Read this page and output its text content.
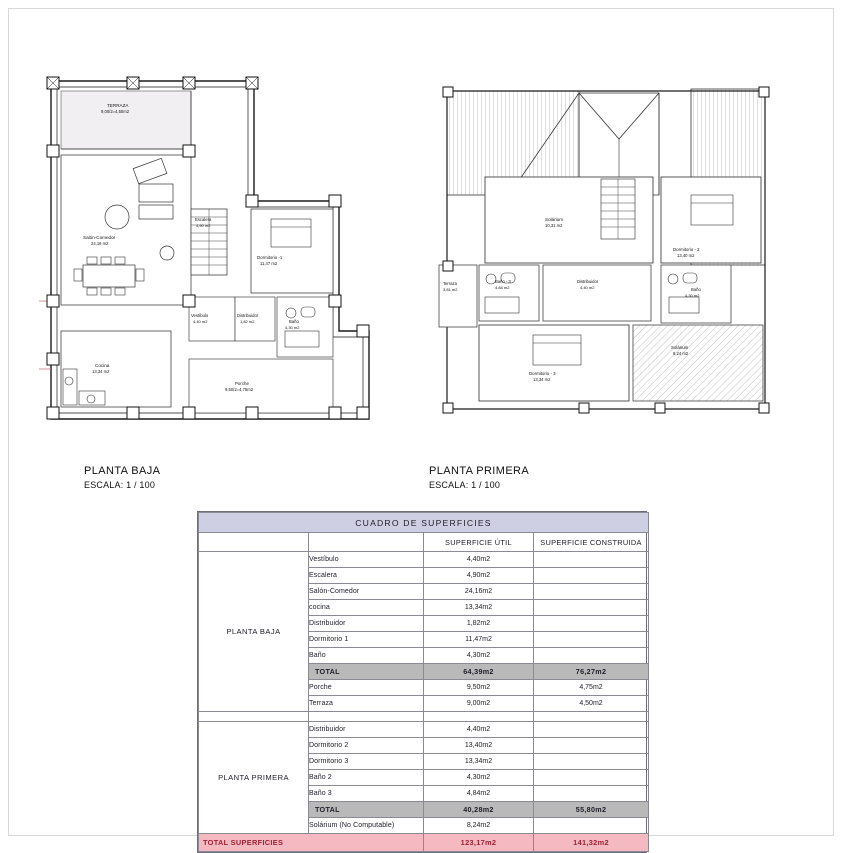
TERRAZA
9,00/2=4,50m2
Salón-Comedor
24,16 m2
Escalera
4,90 m2
Dormitorio -1
11,47 m2
Vestíbulo
4,40 m2
Distribuidor
1,82 m2	Baño
4,30 m2
Cocina
13,34 m2
Porche
9,50/2=4,75m2
Solárium
10,31 m2
Dormitorio - 2
13,40 m2
Baño - 3
4,84 m2
Distribuidor
4,40 m2	Baño
4,30 m2
Terraza
3,81 m2
Dormitorio - 3
13,34 m2
Solárium
8,24 m2
PLANTA BAJA
ESCALA: 1 / 100
PLANTA PRIMERA
ESCALA: 1 / 100
CUADRO DE SUPERFICIES			
		SUPERFICIE ÚTIL	SUPERFICIE CONSTRUIDA
PLANTA BAJA	Vestíbulo	4,40m2	
	Escalera	4,90m2	
	Salón-Comedor	24,16m2	
	cocina	13,34m2	
	Distribuidor	1,82m2	
	Dormitorio 1	11,47m2	
	Baño	4,30m2	
	TOTAL	64,39m2	76,27m2
	Porche	9,50m2	4,75m2
	Terraza	9,00m2	4,50m2

PLANTA PRIMERA	Distribuidor	4,40m2	
	Dormitorio 2	13,40m2	
	Dormitorio 3	13,34m2	
	Baño 2	4,30m2	
	Baño 3	4,84m2	
	TOTAL	40,28m2	55,80m2
	Solárium (No Computable)	8,24m2	
TOTAL SUPERFICIES		123,17m2	141,32m2
